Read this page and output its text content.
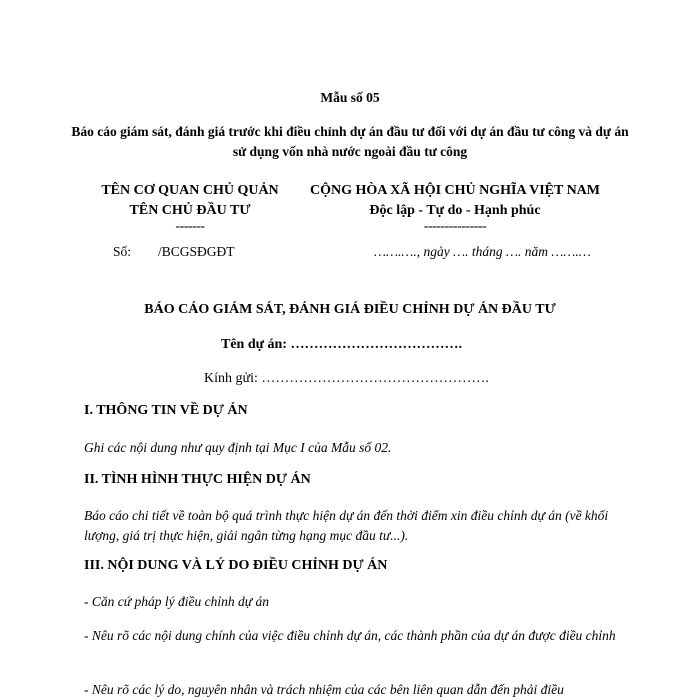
Mẫu số 05
Báo cáo giám sát, đánh giá trước khi điều chỉnh dự án đầu tư đối với dự án đầu tư công và dự án sử dụng vốn nhà nước ngoài đầu tư công
TÊN CƠ QUAN CHỦ QUẢN
TÊN CHỦ ĐẦU TƯ
-------
CỘNG HÒA XÃ HỘI CHỦ NGHĨA VIỆT NAM
Độc lập - Tự do - Hạnh phúc
---------------
Số: /BCGSĐGĐT	…….…., ngày …. tháng …. năm …….…
BÁO CÁO GIÁM SÁT, ĐÁNH GIÁ ĐIỀU CHỈNH DỰ ÁN ĐẦU TƯ
Tên dự án: ……………………………….
Kính gửi: ………………………………………….
I. THÔNG TIN VỀ DỰ ÁN
Ghi các nội dung như quy định tại Mục I của Mẫu số 02.
II. TÌNH HÌNH THỰC HIỆN DỰ ÁN
Báo cáo chi tiết về toàn bộ quá trình thực hiện dự án đến thời điểm xin điều chỉnh dự án (về khối lượng, giá trị thực hiện, giải ngân từng hạng mục đầu tư...).
III. NỘI DUNG VÀ LÝ DO ĐIỀU CHỈNH DỰ ÁN
- Căn cứ pháp lý điều chỉnh dự án
- Nêu rõ các nội dung chính của việc điều chỉnh dự án, các thành phần của dự án được điều chỉnh
- Nêu rõ các lý do, nguyên nhân và trách nhiệm của các bên liên quan dẫn đến phải điều
